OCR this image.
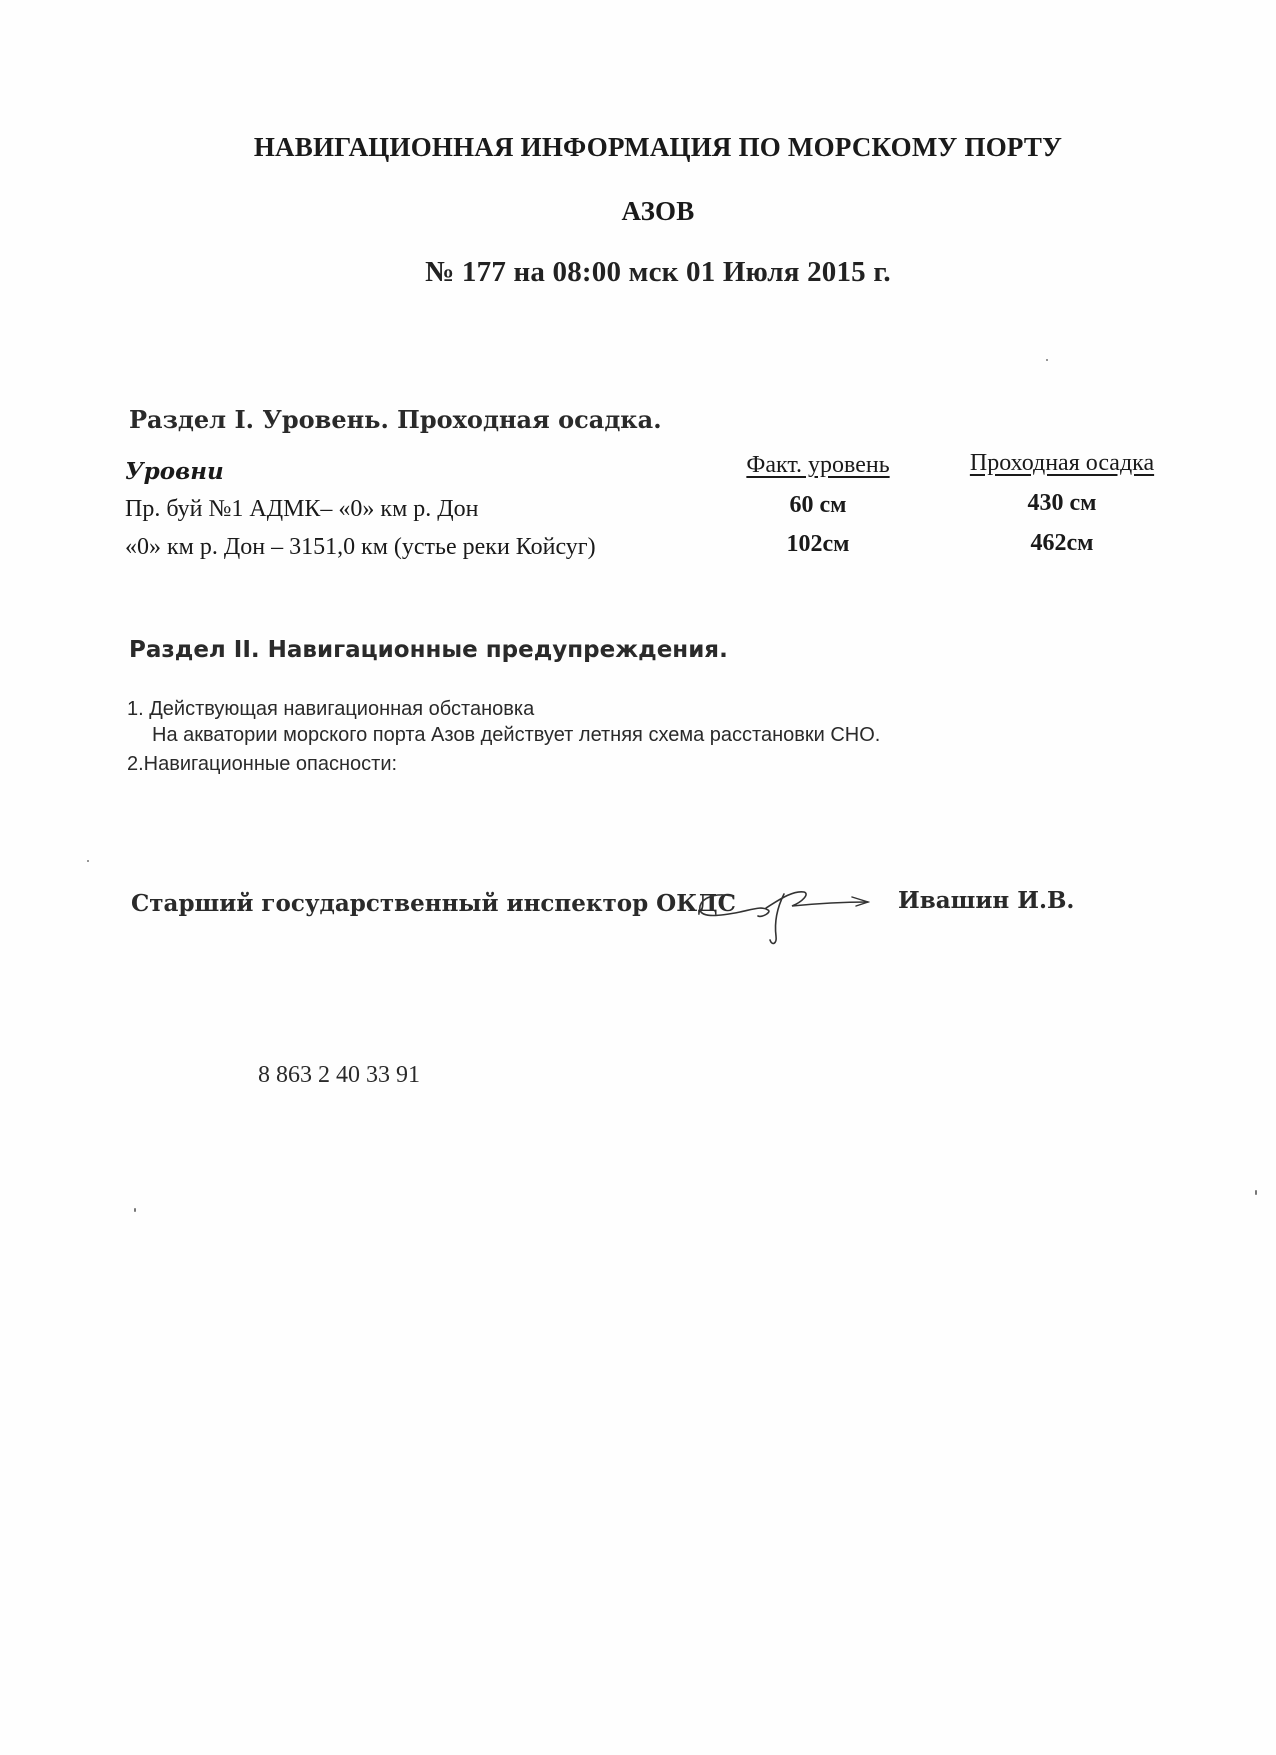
НАВИГАЦИОННАЯ ИНФОРМАЦИЯ ПО МОРСКОМУ ПОРТУ
АЗОВ
№ 177 на 08:00 мск 01 Июля 2015 г.
Раздел I. Уровень. Проходная осадка.
Уровни	Факт. уровень	Проходная осадка
Пр. буй №1 АДМК– «0» км р. Дон	60 см	430 см
«0» км р. Дон – 3151,0 км (устье реки Койсуг)	102см	462см
Раздел II. Навигационные предупреждения.
1. Действующая навигационная обстановка
На акватории морского порта Азов действует летняя схема расстановки СНО.
2.Навигационные опасности:
Старший государственный инспектор ОКДС	Ивашин И.В.
8 863 2 40 33 91
